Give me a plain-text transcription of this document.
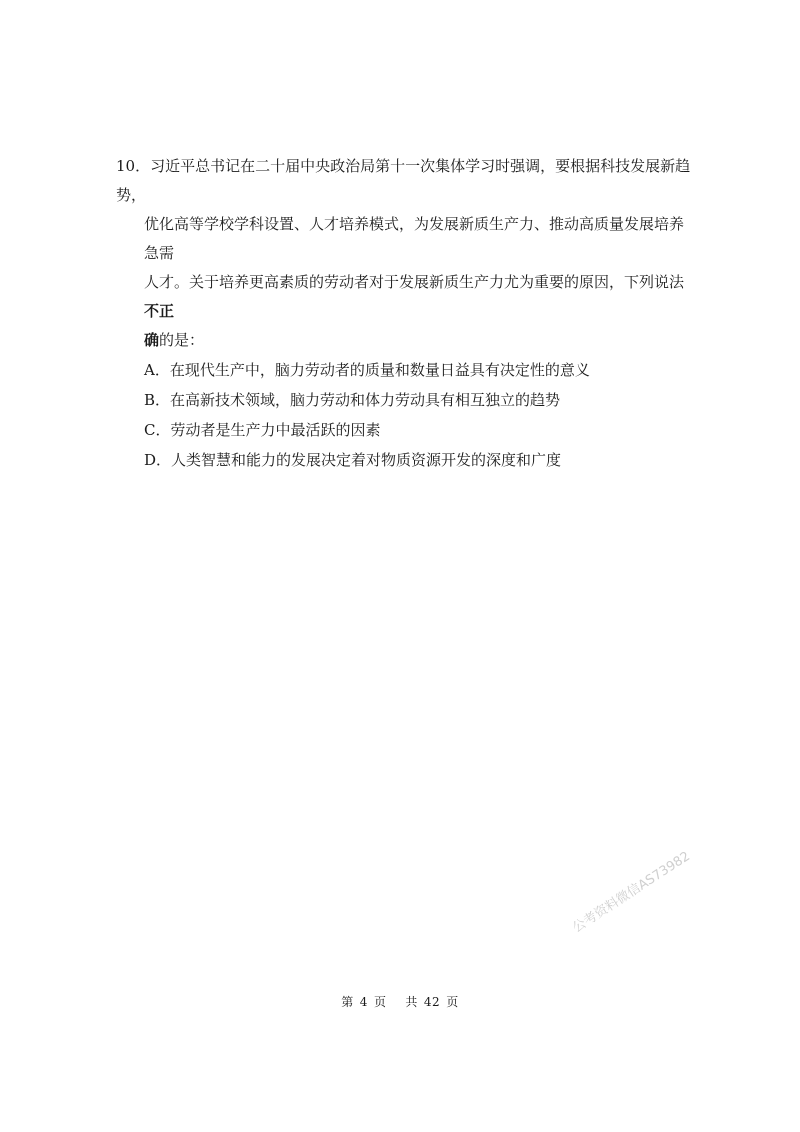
10．习近平总书记在二十届中央政治局第十一次集体学习时强调，要根据科技发展新趋势，
优化高等学校学科设置、人才培养模式，为发展新质生产力、推动高质量发展培养急需
人才。关于培养更高素质的劳动者对于发展新质生产力尤为重要的原因，下列说法不正
确的是：

A．在现代生产中，脑力劳动者的质量和数量日益具有决定性的意义
B．在高新技术领域，脑力劳动和体力劳动具有相互独立的趋势
C．劳动者是生产力中最活跃的因素
D．人类智慧和能力的发展决定着对物质资源开发的深度和广度
公考资料微信AS73982
第 4 页 共 42 页
